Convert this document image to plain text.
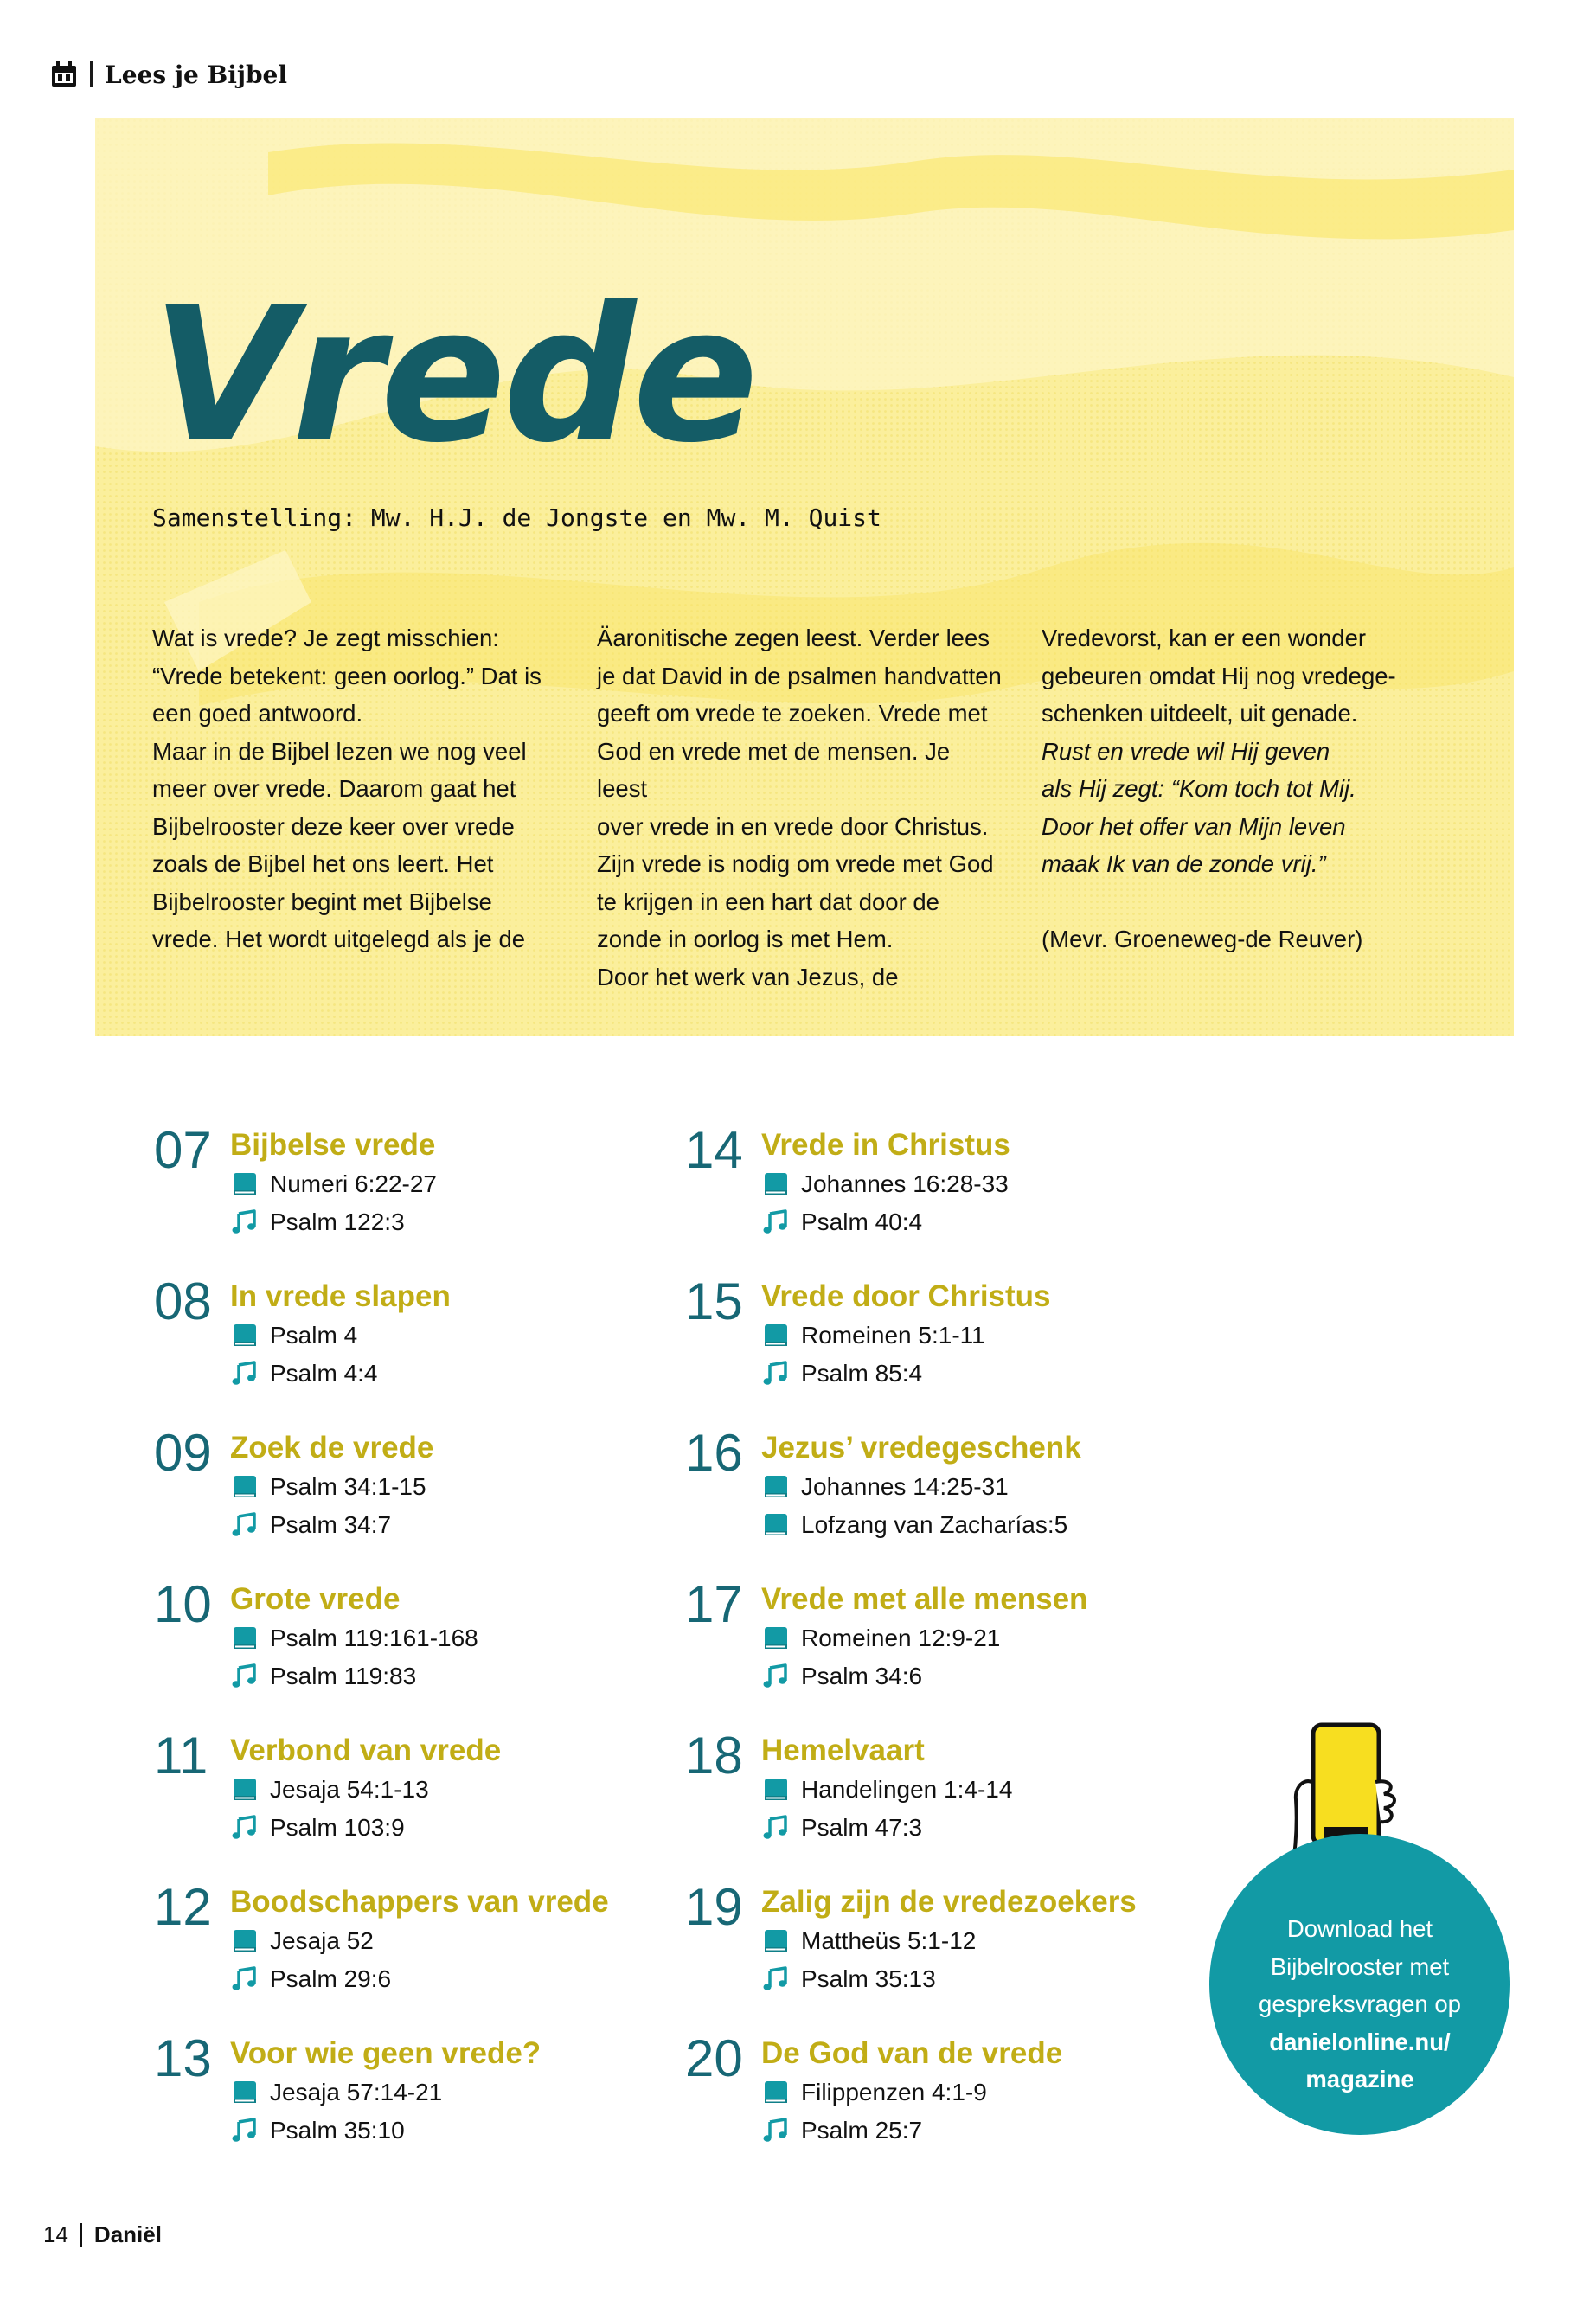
Lees je Bijbel
Vrede
Samenstelling: Mw. H.J. de Jongste en Mw. M. Quist

Wat is vrede? Je zegt misschien:

“Vrede betekent: geen oorlog.” Dat is

een goed antwoord.

Maar in de Bijbel lezen we nog veel

meer over vrede. Daarom gaat het

Bijbelrooster deze keer over vrede

zoals de Bijbel het ons leert. Het

Bijbelrooster begint met Bijbelse

vrede. Het wordt uitgelegd als je de

Äaronitische zegen leest. Verder lees

je dat David in de psalmen handvatten

geeft om vrede te zoeken. Vrede met

God en vrede met de mensen. Je leest

over vrede in en vrede door Christus.

Zijn vrede is nodig om vrede met God

te krijgen in een hart dat door de

zonde in oorlog is met Hem.

Door het werk van Jezus, de

Vredevorst, kan er een wonder

gebeuren omdat Hij nog vredege-

schenken uitdeelt, uit genade.

Rust en vrede wil Hij geven

als Hij zegt: “Kom toch tot Mij.

Door het offer van Mijn leven

maak Ik van de zonde vrij.”

(Mevr. Groeneweg-de Reuver)

07 Bijbelse vrede
Numeri 6:22-27
Psalm 122:3
08 In vrede slapen
Psalm 4
Psalm 4:4
09 Zoek de vrede
Psalm 34:1-15
Psalm 34:7
10 Grote vrede
Psalm 119:161-168
Psalm 119:83
11 Verbond van vrede
Jesaja 54:1-13
Psalm 103:9
12 Boodschappers van vrede
Jesaja 52
Psalm 29:6
13 Voor wie geen vrede?
Jesaja 57:14-21
Psalm 35:10
14 Vrede in Christus
Johannes 16:28-33
Psalm 40:4
15 Vrede door Christus
Romeinen 5:1-11
Psalm 85:4
16 Jezus’ vredegeschenk
Johannes 14:25-31
Lofzang van Zacharías:5
17 Vrede met alle mensen
Romeinen 12:9-21
Psalm 34:6
18 Hemelvaart
Handelingen 1:4-14
Psalm 47:3
19 Zalig zijn de vredezoekers
Mattheüs 5:1-12
Psalm 35:13
20 De God van de vrede
Filippenzen 4:1-9
Psalm 25:7
Download het
Bijbelrooster met
gespreksvragen op
danielonline.nu/
magazine
14 Daniël
